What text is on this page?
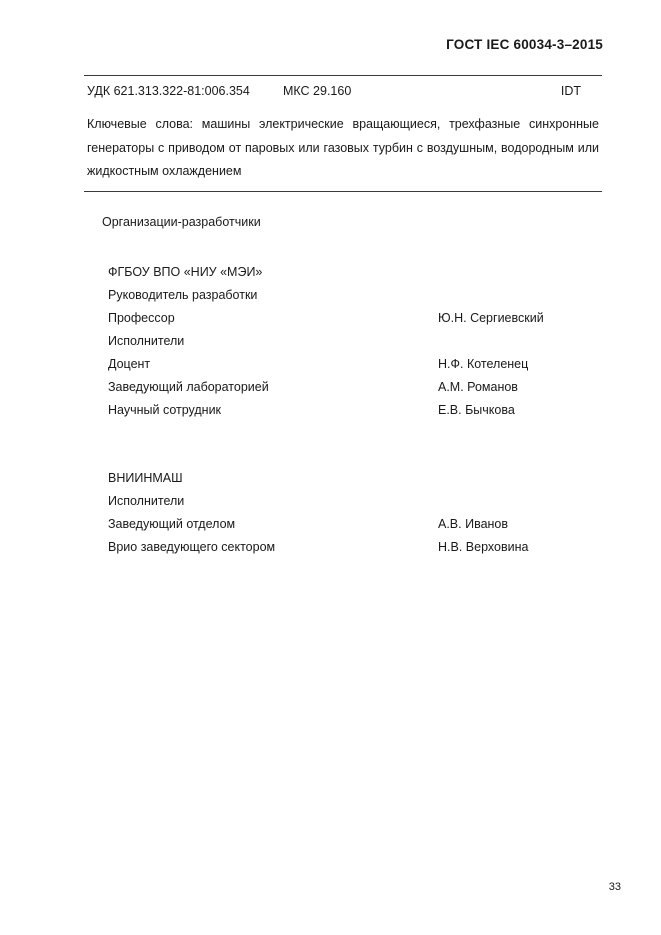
ГОСТ IEC 60034-3–2015
УДК 621.313.322-81:006.354	МКС 29.160	IDT
Ключевые слова: машины электрические вращающиеся, трехфазные синхронные генераторы с приводом от паровых или газовых турбин с воздушным, водородным или жидкостным охлаждением
Организации-разработчики
ФГБОУ ВПО «НИУ «МЭИ»
Руководитель разработки
Профессор	Ю.Н. Сергиевский
Исполнители
Доцент	Н.Ф. Котеленец
Заведующий лабораторией	А.М. Романов
Научный сотрудник	Е.В. Бычкова
ВНИИНМАШ
Исполнители
Заведующий отделом	А.В. Иванов
Врио заведующего сектором	Н.В. Верховина
33
